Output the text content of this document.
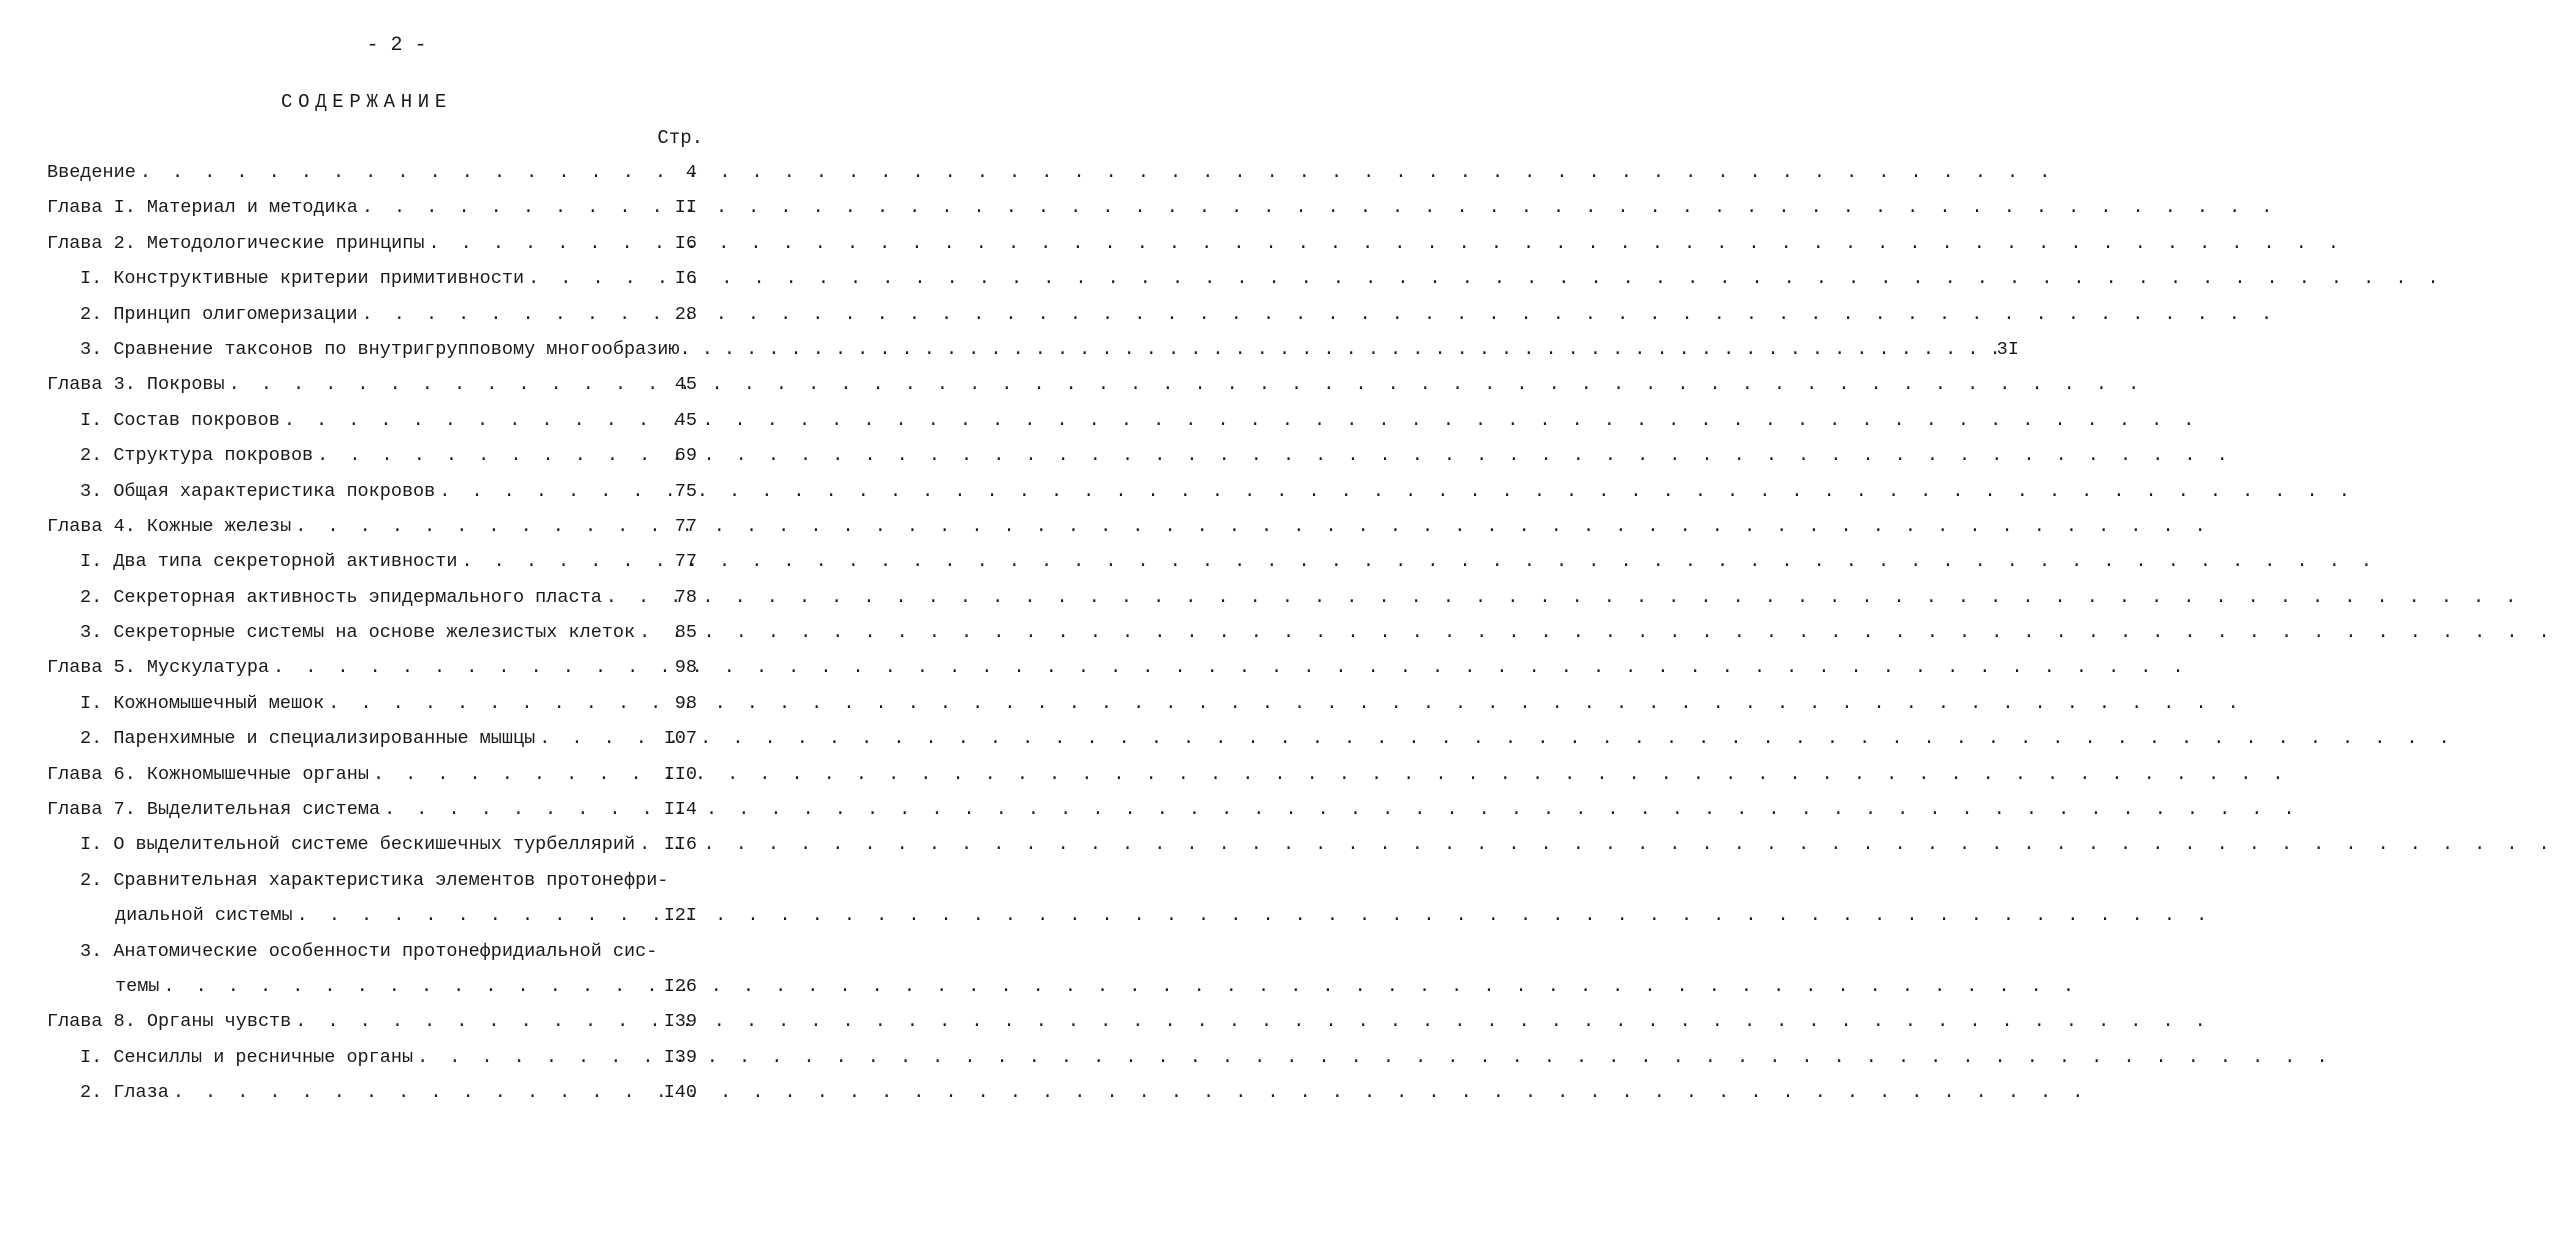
- 2 -
СОДЕРЖАНИЕ
Стр.
Введение . . .	4
Глава I. Материал и методика . . .	II
Глава 2. Методологические принципы . . .	I6
I. Конструктивные критерии примитивности . . .	I6
2. Принцип олигомеризации . . .	28
3. Сравнение таксонов по внутригрупповому многообразию . . .	3I
Глава 3. Покровы . . .	45
I. Состав покровов . . .	45
2. Структура покровов . . .	69
3. Общая характеристика покровов . . .	75
Глава 4. Кожные железы . . .	77
I. Два типа секреторной активности . . .	77
2. Секреторная активность эпидермального пласта . . .	78
3. Секреторные системы на основе железистых клеток . . . 85
Глава 5. Мускулатура . . .	98
I. Кожномышечный мешок . . .	98
2. Паренхимные и специализированные мышцы . . .	I07
Глава 6. Кожномышечные органы . . .	II0
Глава 7. Выделительная система . . .	II4
I. О выделительной системе бескишечных турбеллярий . . . II6
2. Сравнительная характеристика элементов протонефри-
диальной системы . . .	I2I
3. Анатомические особенности протонефридиальной сис-
темы . . .	I26
Глава 8. Органы чувств . . .	I39
I. Сенсиллы и ресничные органы . . .	I39
2. Глаза . . .	I40
